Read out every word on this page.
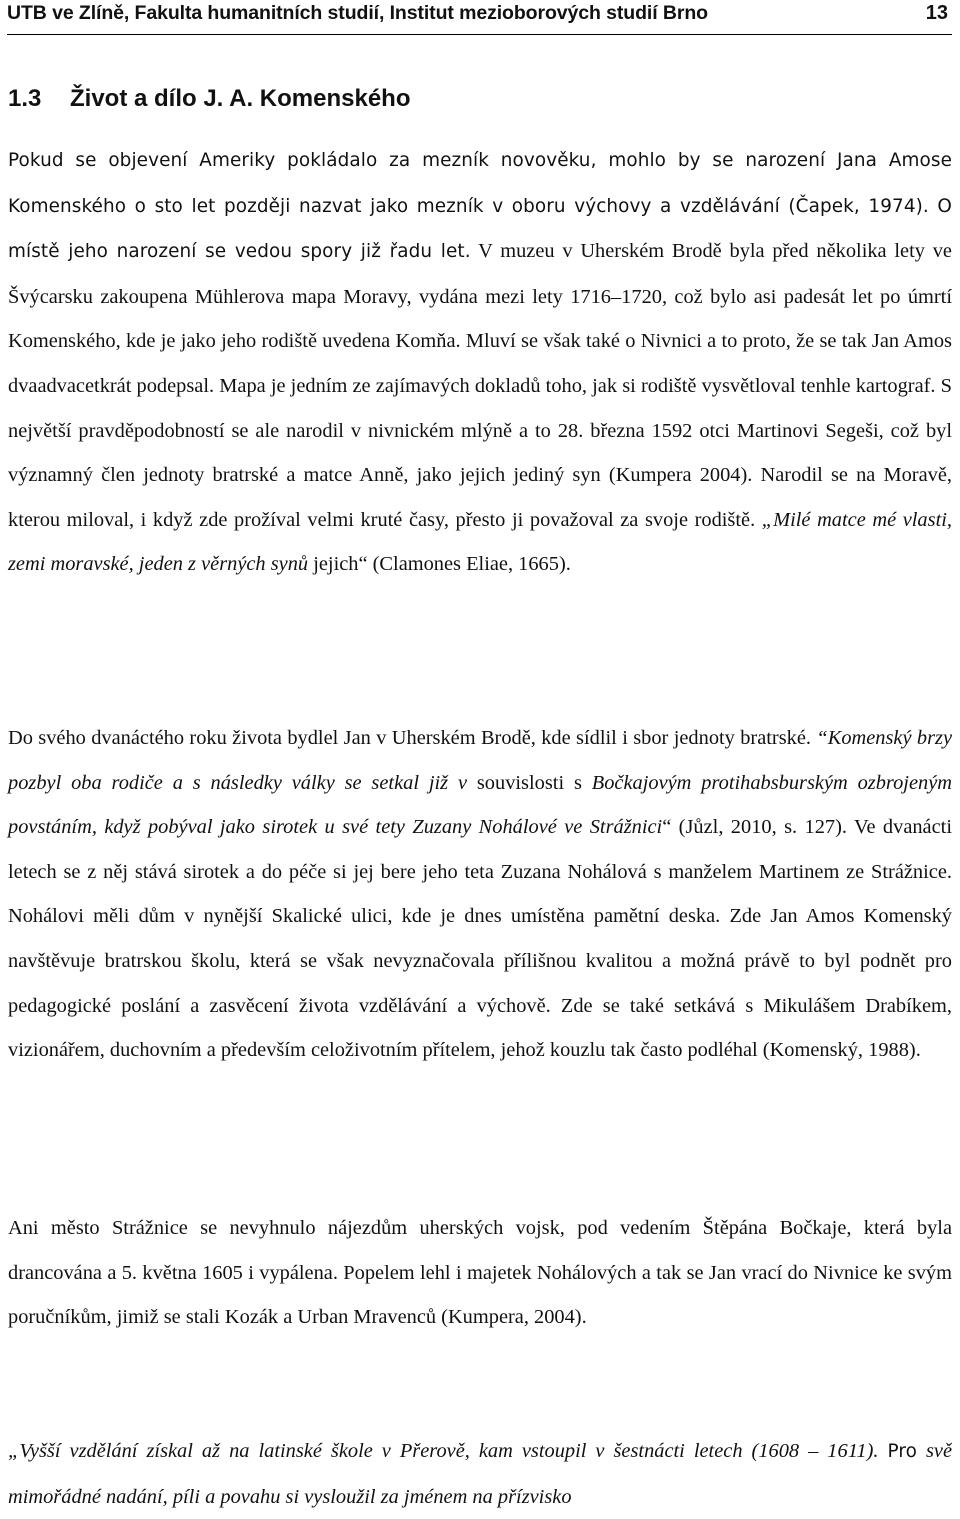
UTB ve Zlíně, Fakulta humanitních studií, Institut mezioborových studií Brno	13
1.3 Život a dílo J. A. Komenského

Pokud se objevení Ameriky pokládalo za mezník novověku, mohlo by se narození Jana Amose Komenského o sto let později nazvat jako mezník v oboru výchovy a vzdělávání (Čapek, 1974). O místě jeho narození se vedou spory již řadu let. V muzeu v Uherském Brodě byla před několika lety ve Švýcarsku zakoupena Mühlerova mapa Moravy, vydána mezi lety 1716–1720, což bylo asi padesát let po úmrtí Komenského, kde je jako jeho rodiště uvedena Komňa. Mluví se však také o Nivnici a to proto, že se tak Jan Amos dvaadvacetkrát podepsal. Mapa je jedním ze zajímavých dokladů toho, jak si rodiště vysvětloval tenhle kartograf. S největší pravděpodobností se ale narodil v nivnickém mlýně a to 28. března 1592 otci Martinovi Segeši, což byl významný člen jednoty bratrské a matce Anně, jako jejich jediný syn (Kumpera 2004). Narodil se na Moravě, kterou miloval, i když zde prožíval velmi kruté časy, přesto ji považoval za svoje rodiště. „Milé matce mé vlasti, zemi moravské, jeden z věrných synů jejich“ (Clamones Eliae, 1665).

Do svého dvanáctého roku života bydlel Jan v Uherském Brodě, kde sídlil i sbor jednoty bratrské. “Komenský brzy pozbyl oba rodiče a s následky války se setkal již v souvislosti s Bočkajovým protihabsburským ozbrojeným povstáním, když pobýval jako sirotek u své tety Zuzany Nohálové ve Strážnici“ (Jůzl, 2010, s. 127). Ve dvanácti letech se z něj stává sirotek a do péče si jej bere jeho teta Zuzana Nohálová s manželem Martinem ze Strážnice. Nohálovi měli dům v nynější Skalické ulici, kde je dnes umístěna pamětní deska. Zde Jan Amos Komenský navštěvuje bratrskou školu, která se však nevyznačovala přílišnou kvalitou a možná právě to byl podnět pro pedagogické poslání a zasvěcení života vzdělávání a výchově. Zde se také setkává s Mikulášem Drabíkem, vizionářem, duchovním a především celoživotním přítelem, jehož kouzlu tak často podléhal (Komenský, 1988).

Ani město Strážnice se nevyhnulo nájezdům uherských vojsk, pod vedením Štěpána Bočkaje, která byla drancována a 5. května 1605 i vypálena. Popelem lehl i majetek Nohálových a tak se Jan vrací do Nivnice ke svým poručníkům, jimiž se stali Kozák a Urban Mravenců (Kumpera, 2004).

„Vyšší vzdělání získal až na latinské škole v Přerově, kam vstoupil v šestnácti letech (1608 – 1611). Pro svě mimořádné nadání, píli a povahu si vysloužil za jménem na přízvisko
